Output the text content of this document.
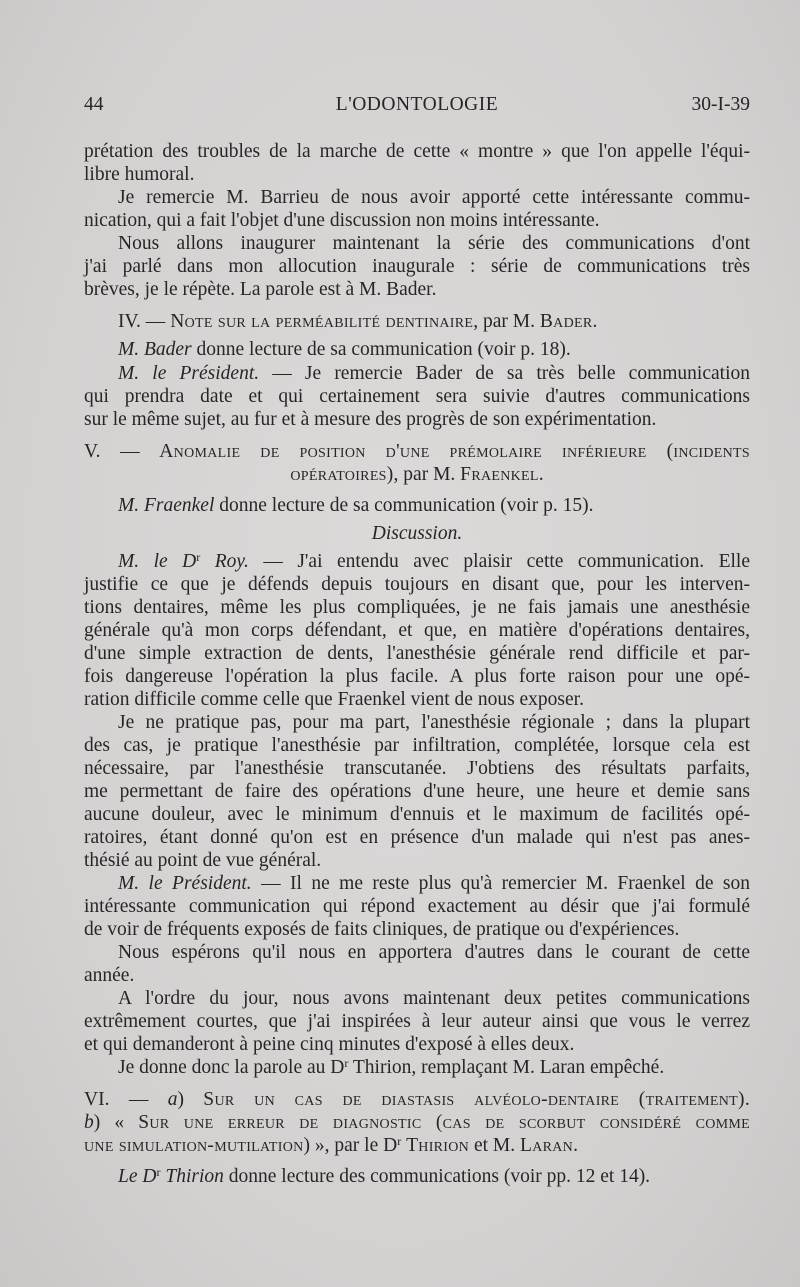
44	L'ODONTOLOGIE	30-I-39
prétation des troubles de la marche de cette « montre » que l'on appelle l'équi-
libre humoral.
Je remercie M. Barrieu de nous avoir apporté cette intéressante commu-
nication, qui a fait l'objet d'une discussion non moins intéressante.
Nous allons inaugurer maintenant la série des communications d'ont
j'ai parlé dans mon allocution inaugurale : série de communications très
brèves, je le répète. La parole est à M. Bader.
IV. — Note sur la perméabilité dentinaire, par M. Bader.
M. Bader donne lecture de sa communication (voir p. 18).
M. le Président. — Je remercie Bader de sa très belle communication
qui prendra date et qui certainement sera suivie d'autres communications
sur le même sujet, au fur et à mesure des progrès de son expérimentation.
V. — Anomalie de position d'une prémolaire inférieure (incidents
opératoires), par M. Fraenkel.
M. Fraenkel donne lecture de sa communication (voir p. 15).
Discussion.
M. le $D^r$ Roy. — J'ai entendu avec plaisir cette communication. Elle
justifie ce que je défends depuis toujours en disant que, pour les interven-
tions dentaires, même les plus compliquées, je ne fais jamais une anesthésie
générale qu'à mon corps défendant, et que, en matière d'opérations dentaires,
d'une simple extraction de dents, l'anesthésie générale rend difficile et par-
fois dangereuse l'opération la plus facile. A plus forte raison pour une opé-
ration difficile comme celle que Fraenkel vient de nous exposer.
Je ne pratique pas, pour ma part, l'anesthésie régionale ; dans la plupart
des cas, je pratique l'anesthésie par infiltration, complétée, lorsque cela est
nécessaire, par l'anesthésie transcutanée. J'obtiens des résultats parfaits,
me permettant de faire des opérations d'une heure, une heure et demie sans
aucune douleur, avec le minimum d'ennuis et le maximum de facilités opé-
ratoires, étant donné qu'on est en présence d'un malade qui n'est pas anes-
thésié au point de vue général.
M. le Président. — Il ne me reste plus qu'à remercier M. Fraenkel de son
intéressante communication qui répond exactement au désir que j'ai formulé
de voir de fréquents exposés de faits cliniques, de pratique ou d'expériences.
Nous espérons qu'il nous en apportera d'autres dans le courant de cette
année.
A l'ordre du jour, nous avons maintenant deux petites communications
extrêmement courtes, que j'ai inspirées à leur auteur ainsi que vous le verrez
et qui demanderont à peine cinq minutes d'exposé à elles deux.
Je donne donc la parole au $D^r$ Thirion, remplaçant M. Laran empêché.
VI. — a) Sur un cas de diastasis alvéolo-dentaire (traitement).
b) « Sur une erreur de diagnostic (cas de scorbut considéré comme
une simulation-mutilation) », par le $D^r$ Thirion et M. Laran.
Le $D^r$ Thirion donne lecture des communications (voir pp. 12 et 14).
